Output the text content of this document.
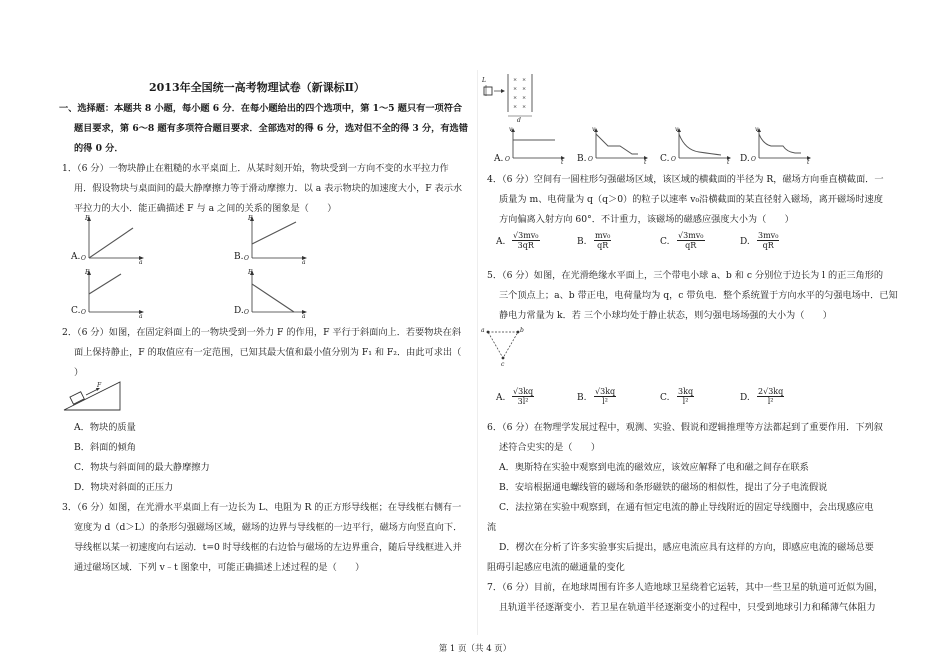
2013年全国统一高考物理试卷（新课标Ⅱ）
一、选择题：本题共 8 小题，每小题 6 分．在每小题给出的四个选项中，第 1～5 题只有一项符合
题目要求，第 6～8 题有多项符合题目要求．全部选对的得 6 分，选对但不全的得 3 分，有选错
的得 0 分．
1．（6 分）一物块静止在粗糙的水平桌面上．从某时刻开始，物块受到一方向不变的水平拉力作
用．假设物块与桌面间的最大静摩擦力等于滑动摩擦力．以 a 表示物块的加速度大小，F 表示水
平拉力的大小．能正确描述 F 与 a 之间的关系的图象是（　　）
A.
F
O
a
B.
F
O
a
C.
F
O
a
D.
F
O
a
2．（6 分）如图，在固定斜面上的一物块受到一外力 F 的作用，F 平行于斜面向上．若要物块在斜
面上保持静止，F 的取值应有一定范围，已知其最大值和最小值分别为 F₁ 和 F₂．由此可求出（
）
F
A．物块的质量
B．斜面的倾角
C．物块与斜面间的最大静摩擦力
D．物块对斜面的正压力
3．（6 分）如图，在光滑水平桌面上有一边长为 L、电阻为 R 的正方形导线框；在导线框右侧有一
宽度为 d（d＞L）的条形匀强磁场区域，磁场的边界与导线框的一边平行，磁场方向竖直向下．
导线框以某一初速度向右运动．t=0 时导线框的右边恰与磁场的左边界重合，随后导线框进入并
通过磁场区域．下列 v﹣t 图象中，可能正确描述上述过程的是（　　）
L	× ×
× ×
× ×
× ×
d
A.
v
O	t B.
v
O	t C.
v
O	t D.
v
O	t
4．（6 分）空间有一圆柱形匀强磁场区域，该区域的横截面的半径为 R，磁场方向垂直横截面．一
质量为 m、电荷量为 q（q＞0）的粒子以速率 v₀沿横截面的某直径射入磁场，离开磁场时速度
方向偏离入射方向 60°．不计重力，该磁场的磁感应强度大小为（　　）
A. $\frac{\text{√3mv₀}}{3qR}$	B. $\frac{\text{mv₀}}{qR}$	C. $\frac{\text{√3mv₀}}{qR}$	D. $\frac{\text{3mv₀}}{qR}$
5．（6 分）如图，在光滑绝缘水平面上，三个带电小球 a、b 和 c 分别位于边长为 l 的正三角形的
三个顶点上；a、b 带正电，电荷量均为 q，c 带负电．整个系统置于方向水平的匀强电场中．已知
静电力常量为 k．若 三个小球均处于静止状态，则匀强电场场强的大小为（　　）
a	b
c
A. $\frac{√3kq}{\text{3l²}}$	B. $\frac{√3kq}{\text{l²}}$	C. $\frac{3kq}{\text{l²}}$	D. $\frac{2√3kq}{\text{l²}}$
6．（6 分）在物理学发展过程中，观测、实验、假说和逻辑推理等方法都起到了重要作用．下列叙
述符合史实的是（　　）
A．奥斯特在实验中观察到电流的磁效应，该效应解释了电和磁之间存在联系
B．安培根据通电螺线管的磁场和条形磁铁的磁场的相似性，提出了分子电流假说
C．法拉第在实验中观察到，在通有恒定电流的静止导线附近的固定导线圈中，会出现感应电
流
D．楞次在分析了许多实验事实后提出，感应电流应具有这样的方向，即感应电流的磁场总要
阻碍引起感应电流的磁通量的变化
7．（6 分）目前，在地球周围有许多人造地球卫星绕着它运转，其中一些卫星的轨道可近似为圆，
且轨道半径逐渐变小．若卫星在轨道半径逐渐变小的过程中，只受到地球引力和稀薄气体阻力
第 1 页（共 4 页）
